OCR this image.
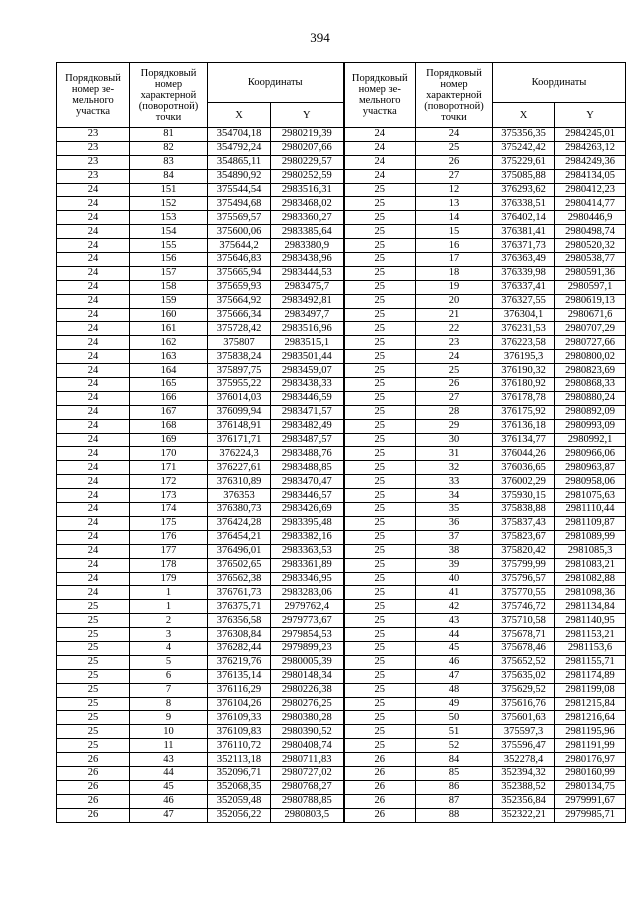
394
Порядковый номер зе-мельного участка	Порядковый номер характерной (поворотной) точки	Координаты		Порядковый номер зе-мельного участка	Порядковый номер характерной (поворотной) точки	Координаты	
		X	Y			X	Y
23	81	354704,18	2980219,39	24	24	375356,35	2984245,01
23	82	354792,24	2980207,66	24	25	375242,42	2984263,12
23	83	354865,11	2980229,57	24	26	375229,61	2984249,36
23	84	354890,92	2980252,59	24	27	375085,88	2984134,05
24	151	375544,54	2983516,31	25	12	376293,62	2980412,23
24	152	375494,68	2983468,02	25	13	376338,51	2980414,77
24	153	375569,57	2983360,27	25	14	376402,14	2980446,9
24	154	375600,06	2983385,64	25	15	376381,41	2980498,74
24	155	375644,2	2983380,9	25	16	376371,73	2980520,32
24	156	375646,83	2983438,96	25	17	376363,49	2980538,77
24	157	375665,94	2983444,53	25	18	376339,98	2980591,36
24	158	375659,93	2983475,7	25	19	376337,41	2980597,1
24	159	375664,92	2983492,81	25	20	376327,55	2980619,13
24	160	375666,34	2983497,7	25	21	376304,1	2980671,6
24	161	375728,42	2983516,96	25	22	376231,53	2980707,29
24	162	375807	2983515,1	25	23	376223,58	2980727,66
24	163	375838,24	2983501,44	25	24	376195,3	2980800,02
24	164	375897,75	2983459,07	25	25	376190,32	2980823,69
24	165	375955,22	2983438,33	25	26	376180,92	2980868,33
24	166	376014,03	2983446,59	25	27	376178,78	2980880,24
24	167	376099,94	2983471,57	25	28	376175,92	2980892,09
24	168	376148,91	2983482,49	25	29	376136,18	2980993,09
24	169	376171,71	2983487,57	25	30	376134,77	2980992,1
24	170	376224,3	2983488,76	25	31	376044,26	2980966,06
24	171	376227,61	2983488,85	25	32	376036,65	2980963,87
24	172	376310,89	2983470,47	25	33	376002,29	2980958,06
24	173	376353	2983446,57	25	34	375930,15	2981075,63
24	174	376380,73	2983426,69	25	35	375838,88	2981110,44
24	175	376424,28	2983395,48	25	36	375837,43	2981109,87
24	176	376454,21	2983382,16	25	37	375823,67	2981089,99
24	177	376496,01	2983363,53	25	38	375820,42	2981085,3
24	178	376502,65	2983361,89	25	39	375799,99	2981083,21
24	179	376562,38	2983346,95	25	40	375796,57	2981082,88
24	1	376761,73	2983283,06	25	41	375770,55	2981098,36
25	1	376375,71	2979762,4	25	42	375746,72	2981134,84
25	2	376356,58	2979773,67	25	43	375710,58	2981140,95
25	3	376308,84	2979854,53	25	44	375678,71	2981153,21
25	4	376282,44	2979899,23	25	45	375678,46	2981153,6
25	5	376219,76	2980005,39	25	46	375652,52	2981155,71
25	6	376135,14	2980148,34	25	47	375635,02	2981174,89
25	7	376116,29	2980226,38	25	48	375629,52	2981199,08
25	8	376104,26	2980276,25	25	49	375616,76	2981215,84
25	9	376109,33	2980380,28	25	50	375601,63	2981216,64
25	10	376109,83	2980390,52	25	51	375597,3	2981195,96
25	11	376110,72	2980408,74	25	52	375596,47	2981191,99
26	43	352113,18	2980711,83	26	84	352278,4	2980176,97
26	44	352096,71	2980727,02	26	85	352394,32	2980160,99
26	45	352068,35	2980768,27	26	86	352388,52	2980134,75
26	46	352059,48	2980788,85	26	87	352356,84	2979991,67
26	47	352056,22	2980803,5	26	88	352322,21	2979985,71
